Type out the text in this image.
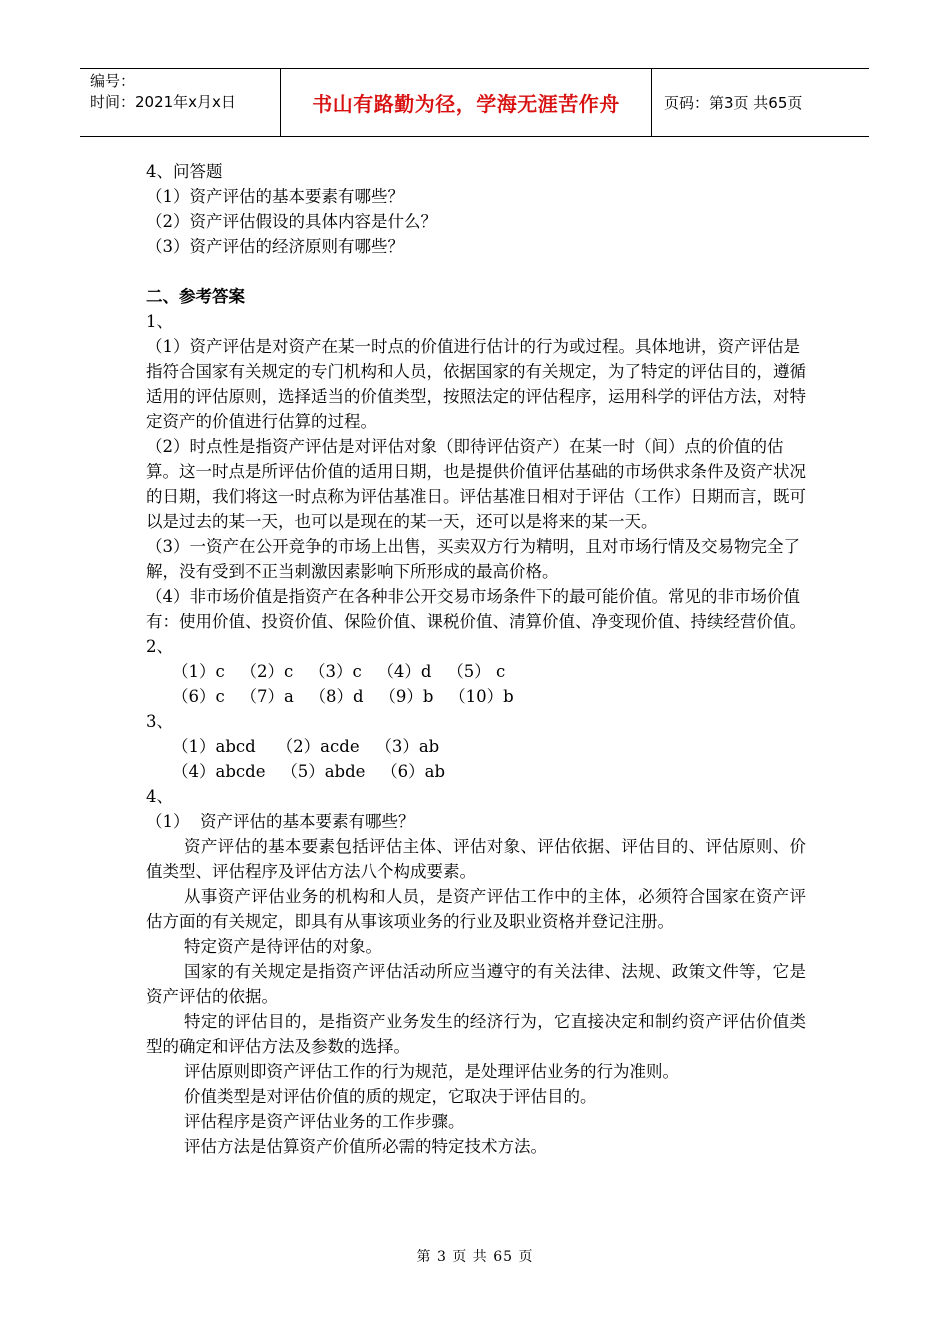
编号：
时间：2021年x月x日	书山有路勤为径，学海无涯苦作舟	页码：第3页 共65页

4、问答题

（1）资产评估的基本要素有哪些？

（2）资产评估假设的具体内容是什么？

（3）资产评估的经济原则有哪些？

二、参考答案

1、

（1）资产评估是对资产在某一时点的价值进行估计的行为或过程。具体地讲，资产评估是指符合国家有关规定的专门机构和人员，依据国家的有关规定，为了特定的评估目的，遵循适用的评估原则，选择适当的价值类型，按照法定的评估程序，运用科学的评估方法，对特定资产的价值进行估算的过程。

（2）时点性是指资产评估是对评估对象（即待评估资产）在某一时（间）点的价值的估算。这一时点是所评估价值的适用日期，也是提供价值评估基础的市场供求条件及资产状况的日期，我们将这一时点称为评估基准日。评估基准日相对于评估（工作）日期而言，既可以是过去的某一天，也可以是现在的某一天，还可以是将来的某一天。

（3）一资产在公开竞争的市场上出售，买卖双方行为精明，且对市场行情及交易物完全了解，没有受到不正当刺激因素影响下所形成的最高价格。

（4）非市场价值是指资产在各种非公开交易市场条件下的最可能价值。常见的非市场价值有：使用价值、投资价值、保险价值、课税价值、清算价值、净变现价值、持续经营价值。

2、

（1）c   （2）c   （3）c   （4）d   （5） c

（6）c   （7）a   （8）d   （9）b   （10）b

3、

（1）abcd    （2）acde   （3）ab

（4）abcde   （5）abde   （6）ab

4、

（1）  资产评估的基本要素有哪些？

资产评估的基本要素包括评估主体、评估对象、评估依据、评估目的、评估原则、价值类型、评估程序及评估方法八个构成要素。

从事资产评估业务的机构和人员，是资产评估工作中的主体，必须符合国家在资产评估方面的有关规定，即具有从事该项业务的行业及职业资格并登记注册。

特定资产是待评估的对象。

国家的有关规定是指资产评估活动所应当遵守的有关法律、法规、政策文件等，它是资产评估的依据。

特定的评估目的，是指资产业务发生的经济行为，它直接决定和制约资产评估价值类型的确定和评估方法及参数的选择。

评估原则即资产评估工作的行为规范，是处理评估业务的行为准则。

价值类型是对评估价值的质的规定，它取决于评估目的。

评估程序是资产评估业务的工作步骤。

评估方法是估算资产价值所必需的特定技术方法。

第 3 页 共 65 页
